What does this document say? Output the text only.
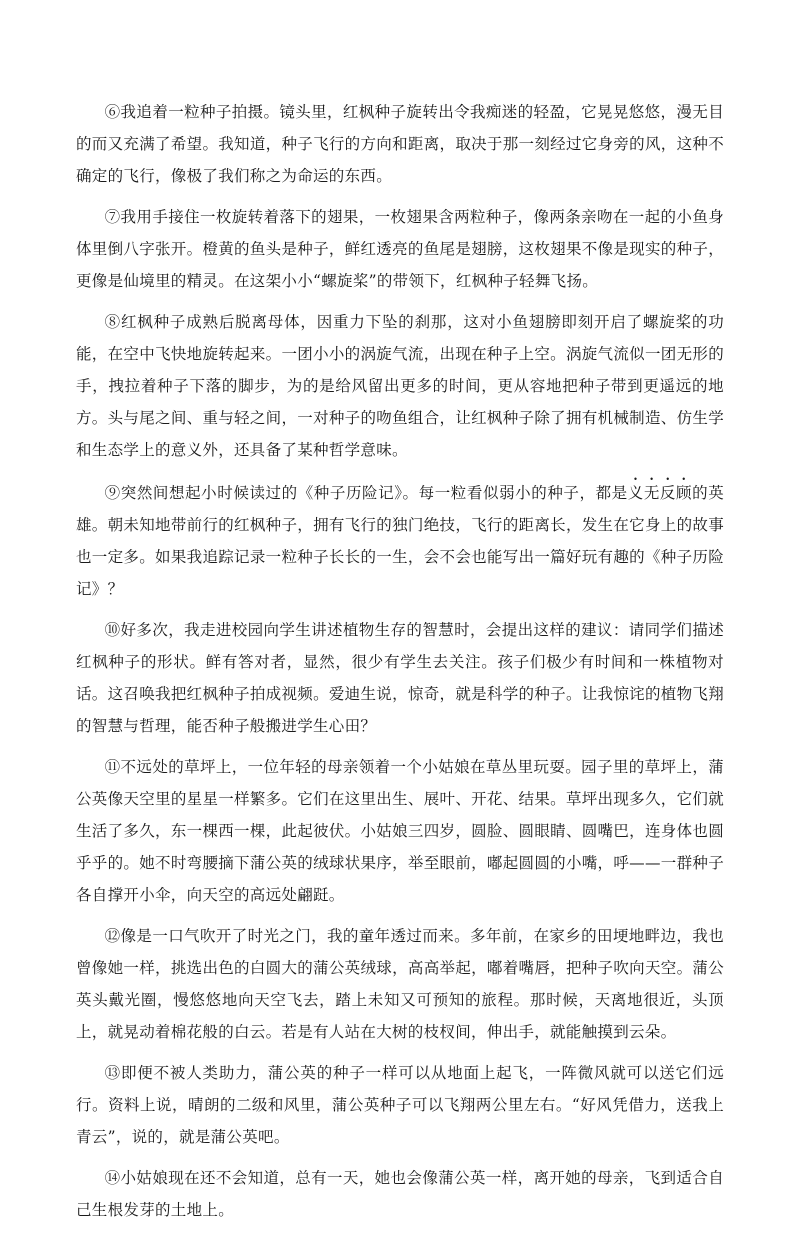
⑥我追着一粒种子拍摄。镜头里，红枫种子旋转出令我痴迷的轻盈，它晃晃悠悠，漫无目的而又充满了希望。我知道，种子飞行的方向和距离，取决于那一刻经过它身旁的风，这种不确定的飞行，像极了我们称之为命运的东西。

⑦我用手接住一枚旋转着落下的翅果，一枚翅果含两粒种子，像两条亲吻在一起的小鱼身体里倒八字张开。橙黄的鱼头是种子，鲜红透亮的鱼尾是翅膀，这枚翅果不像是现实的种子，更像是仙境里的精灵。在这架小小“螺旋桨”的带领下，红枫种子轻舞飞扬。

⑧红枫种子成熟后脱离母体，因重力下坠的刹那，这对小鱼翅膀即刻开启了螺旋桨的功能，在空中飞快地旋转起来。一团小小的涡旋气流，出现在种子上空。涡旋气流似一团无形的手，拽拉着种子下落的脚步，为的是给风留出更多的时间，更从容地把种子带到更遥远的地方。头与尾之间、重与轻之间，一对种子的吻鱼组合，让红枫种子除了拥有机械制造、仿生学和生态学上的意义外，还具备了某种哲学意味。

⑨突然间想起小时候读过的《种子历险记》。每一粒看似弱小的种子，都是义无反顾的英雄。朝未知地带前行的红枫种子，拥有飞行的独门绝技，飞行的距离长，发生在它身上的故事也一定多。如果我追踪记录一粒种子长长的一生，会不会也能写出一篇好玩有趣的《种子历险记》？

⑩好多次，我走进校园向学生讲述植物生存的智慧时，会提出这样的建议：请同学们描述红枫种子的形状。鲜有答对者，显然，很少有学生去关注。孩子们极少有时间和一株植物对话。这召唤我把红枫种子拍成视频。爱迪生说，惊奇，就是科学的种子。让我惊诧的植物飞翔的智慧与哲理，能否种子般搬进学生心田？

⑪不远处的草坪上，一位年轻的母亲领着一个小姑娘在草丛里玩耍。园子里的草坪上，蒲公英像天空里的星星一样繁多。它们在这里出生、展叶、开花、结果。草坪出现多久，它们就生活了多久，东一棵西一棵，此起彼伏。小姑娘三四岁，圆脸、圆眼睛、圆嘴巴，连身体也圆乎乎的。她不时弯腰摘下蒲公英的绒球状果序，举至眼前，嘟起圆圆的小嘴，呼——一群种子各自撑开小伞，向天空的高远处翩跹。

⑫像是一口气吹开了时光之门，我的童年透过而来。多年前，在家乡的田埂地畔边，我也曾像她一样，挑选出色的白圆大的蒲公英绒球，高高举起，嘟着嘴唇，把种子吹向天空。蒲公英头戴光圈，慢悠悠地向天空飞去，踏上未知又可预知的旅程。那时候，天离地很近，头顶上，就晃动着棉花般的白云。若是有人站在大树的枝杈间，伸出手，就能触摸到云朵。

⑬即便不被人类助力，蒲公英的种子一样可以从地面上起飞，一阵微风就可以送它们远行。资料上说，晴朗的二级和风里，蒲公英种子可以飞翔两公里左右。“好风凭借力，送我上青云”，说的，就是蒲公英吧。

⑭小姑娘现在还不会知道，总有一天，她也会像蒲公英一样，离开她的母亲，飞到适合自己生根发芽的土地上。
